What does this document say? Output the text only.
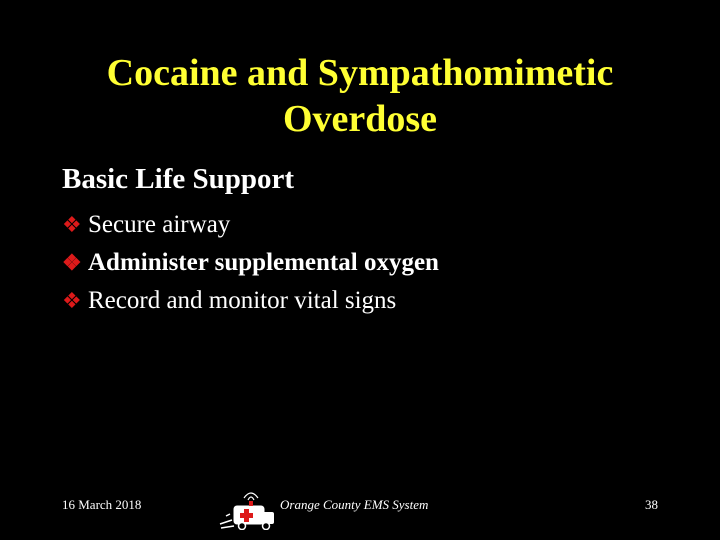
Cocaine and Sympathomimetic
Overdose
Basic Life Support
❖ Secure airway
❖ Administer supplemental oxygen
❖ Record and monitor vital signs
16 March 2018	Orange County EMS System	38
